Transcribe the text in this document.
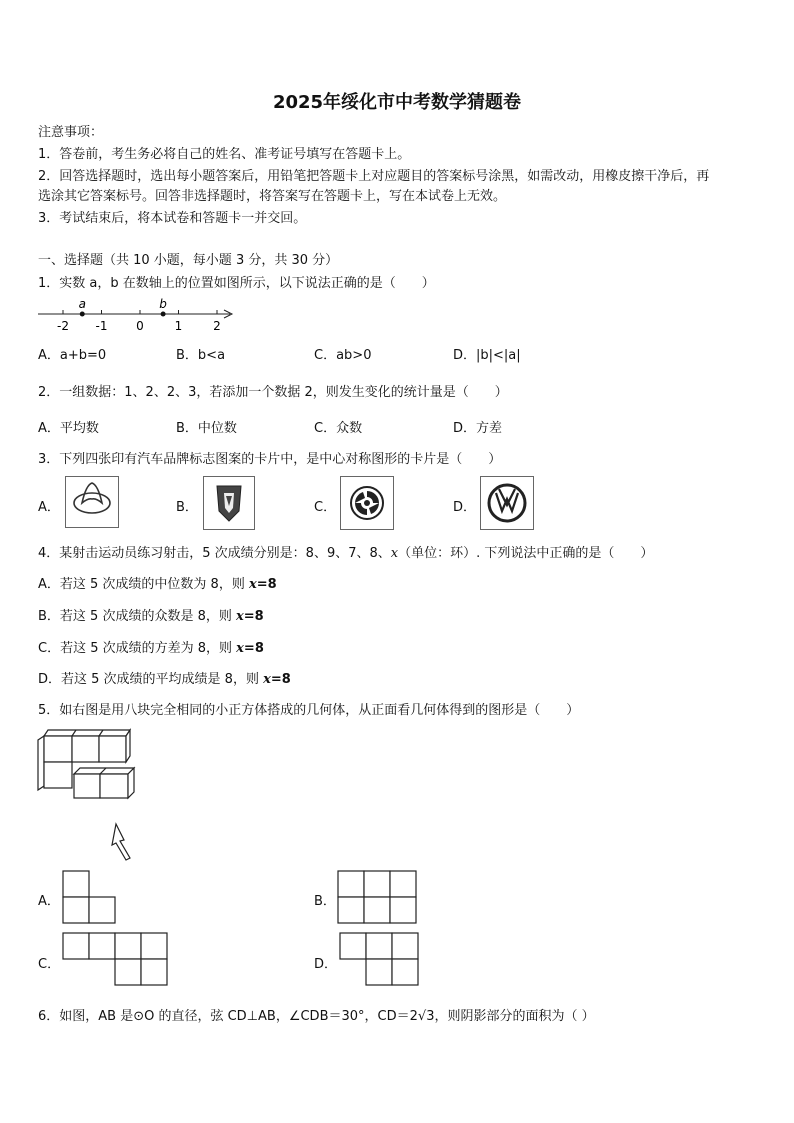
2025年绥化市中考数学猜题卷
注意事项：
1．答卷前，考生务必将自己的姓名、准考证号填写在答题卡上。
2．回答选择题时，选出每小题答案后，用铅笔把答题卡上对应题目的答案标号涂黑，如需改动，用橡皮擦干净后，再
选涂其它答案标号。回答非选择题时，将答案写在答题卡上，写在本试卷上无效。
3．考试结束后，将本试卷和答题卡一并交回。
一、选择题（共 10 小题，每小题 3 分，共 30 分）
1．实数 a，b 在数轴上的位置如图所示，以下说法正确的是（　　）
-2 -1 0	1	2
a	b
A．a+b=0	B．b<a	C．ab>0	D．|b|<|a|
2．一组数据：1、2、2、3，若添加一个数据 2，则发生变化的统计量是（　　）
A．平均数	B．中位数	C．众数	D．方差
3．下列四张印有汽车品牌标志图案的卡片中，是中心对称图形的卡片是（　　）
A．	B．	C．	D．
4．某射击运动员练习射击，5 次成绩分别是：8、9、7、8、x（单位：环）. 下列说法中正确的是（　　）
A．若这 5 次成绩的中位数为 8，则 x=8
B．若这 5 次成绩的众数是 8，则 x=8
C．若这 5 次成绩的方差为 8，则 x=8
D．若这 5 次成绩的平均成绩是 8，则 x=8
5．如右图是用八块完全相同的小正方体搭成的几何体，从正面看几何体得到的图形是（　　）
A．	B．
C．	D．
6．如图，AB 是⊙O 的直径，弦 CD⊥AB，∠CDB＝30°，CD＝2√3，则阴影部分的面积为（ ）
